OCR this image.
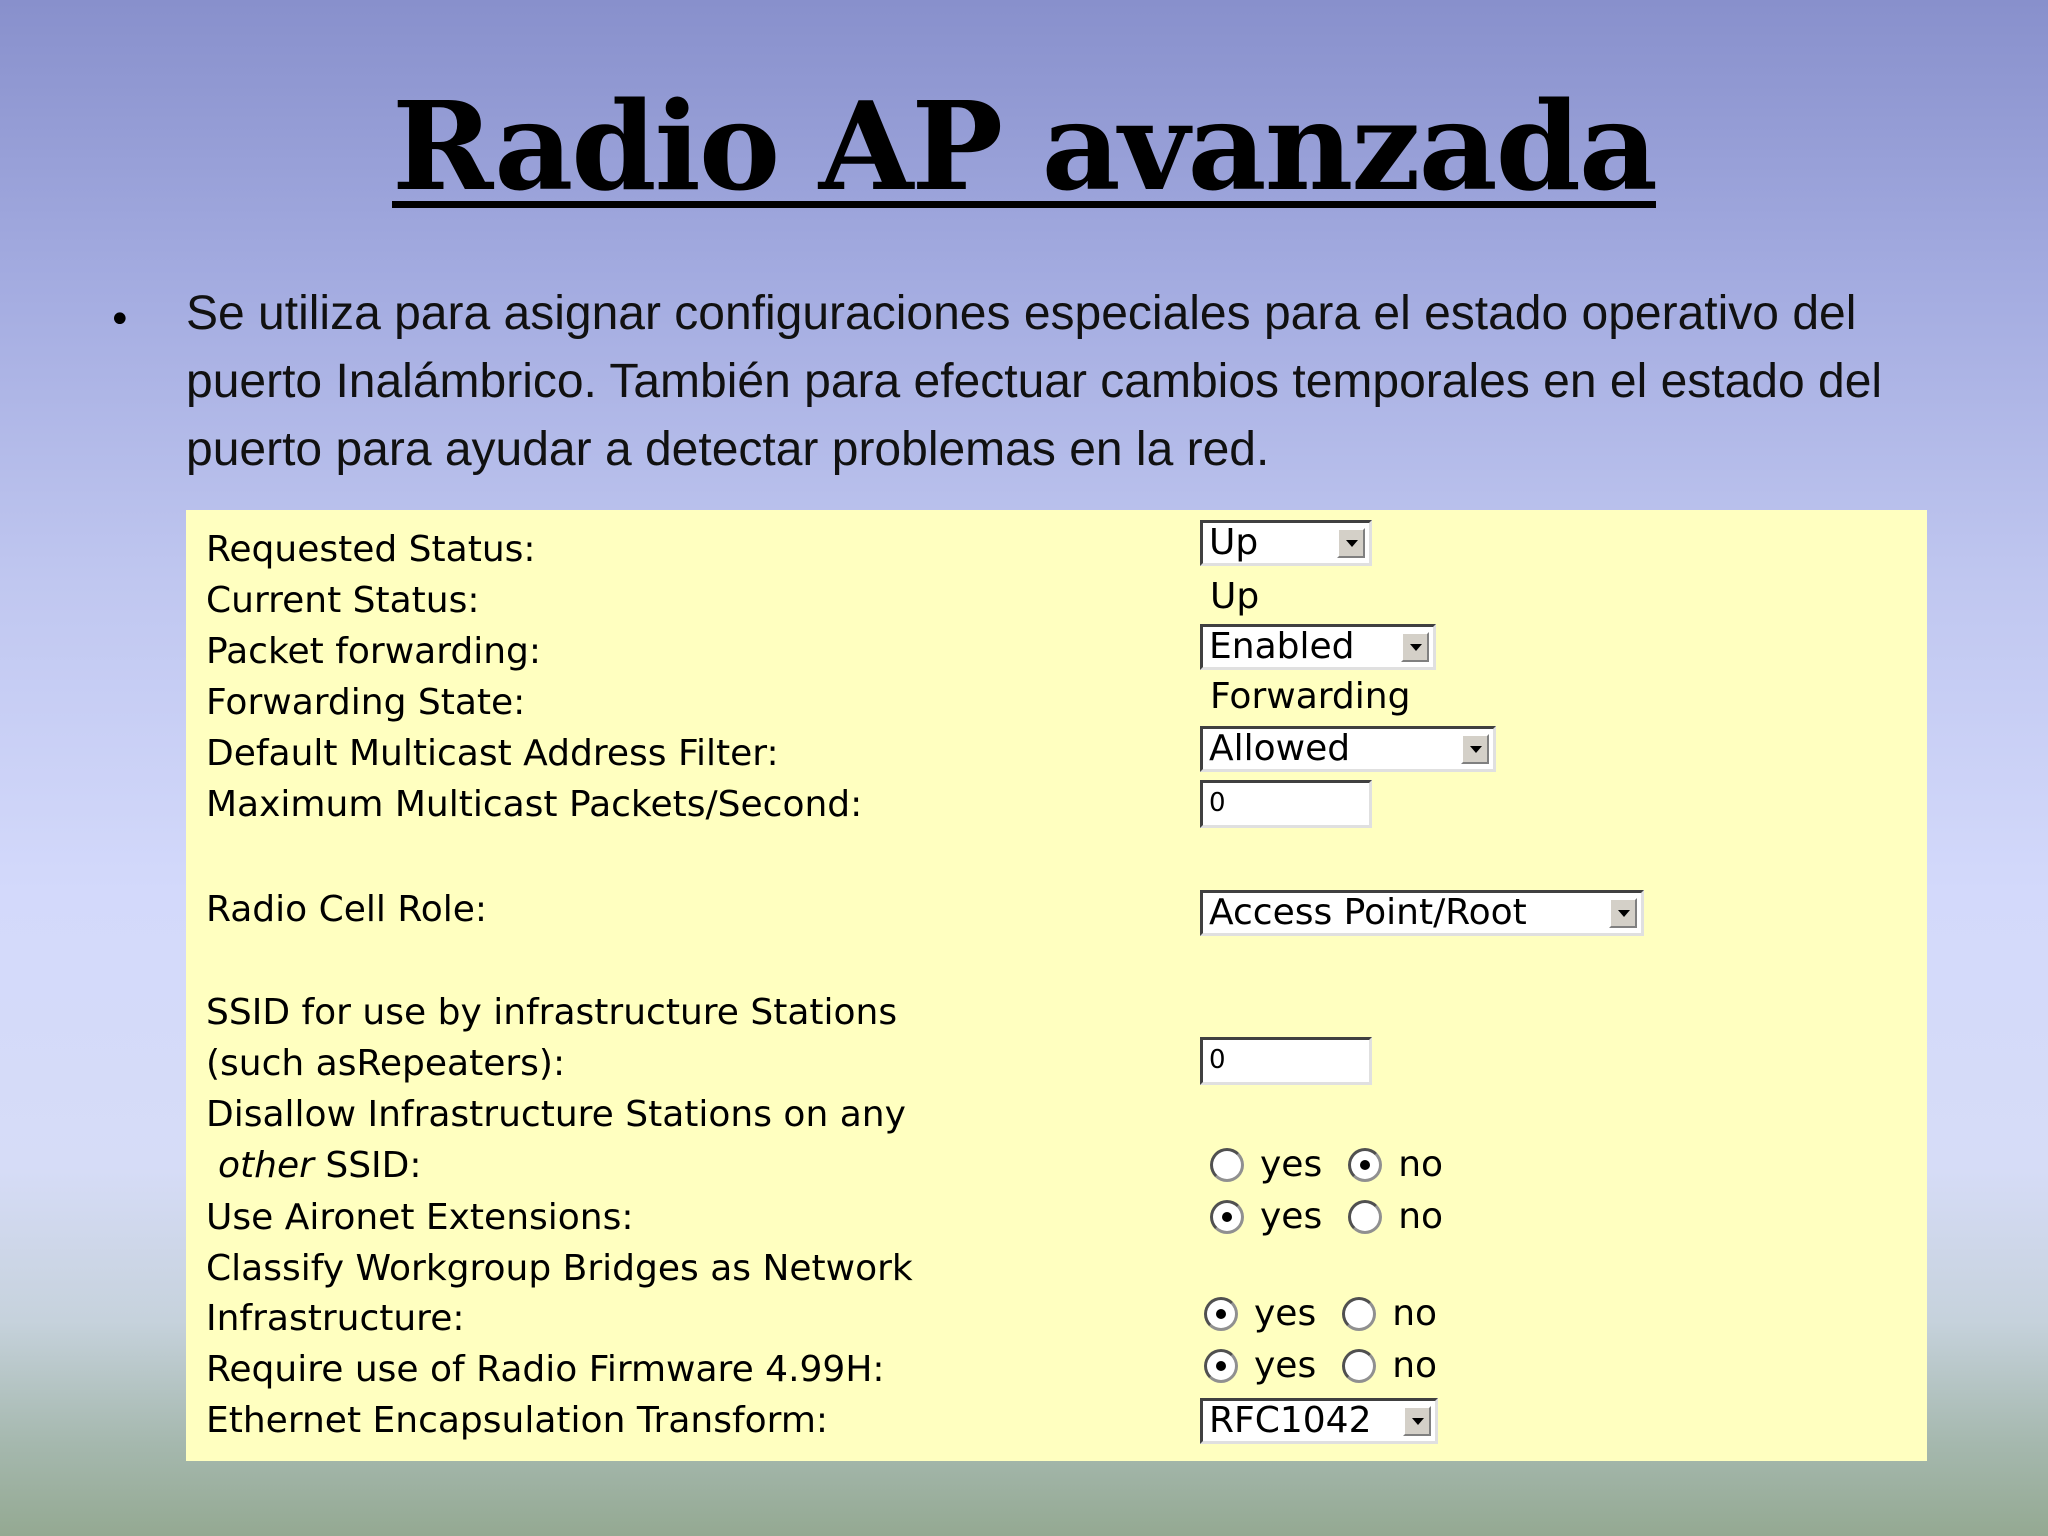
Radio AP avanzada
• Se utiliza para asignar configuraciones especiales para el estado operativo del puerto Inalámbrico. También para efectuar cambios temporales en el estado del puerto para ayudar a detectar problemas en la red.

Requested Status:	Up
Current Status:	Up
Packet forwarding:	Enabled
Forwarding State:	Forwarding
Default Multicast Address Filter:	Allowed
Maximum Multicast Packets/Second:	0
Radio Cell Role:	Access Point/Root
SSID for use by infrastructure Stations
(such asRepeaters):	0
Disallow Infrastructure Stations on any
other SSID:	yes no
Use Aironet Extensions:	yes no
Classify Workgroup Bridges as Network
Infrastructure:	yes no
Require use of Radio Firmware 4.99H:	yes no
Ethernet Encapsulation Transform:	RFC1042
